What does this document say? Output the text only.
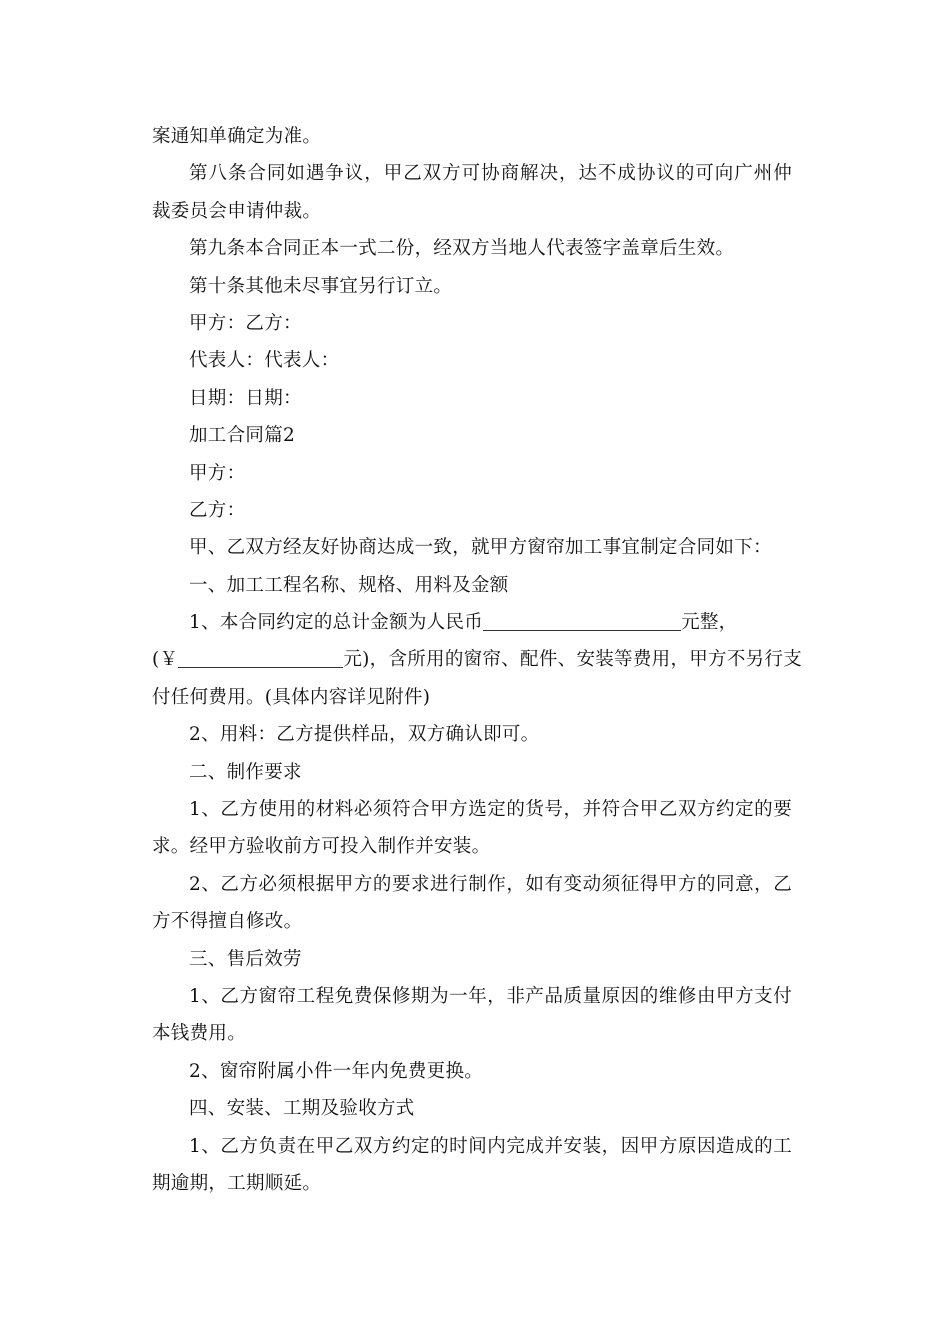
案通知单确定为准。
第八条合同如遇争议，甲乙双方可协商解决，达不成协议的可向广州仲
裁委员会申请仲裁。
第九条本合同正本一式二份，经双方当地人代表签字盖章后生效。
第十条其他未尽事宜另行订立。
甲方：乙方：
代表人：代表人：
日期：日期：
加工合同篇2
甲方：
乙方：
甲、乙双方经友好协商达成一致，就甲方窗帘加工事宜制定合同如下：
一、加工工程名称、规格、用料及金额
1、本合同约定的总计金额为人民币	元整，
(￥	元)，含所用的窗帘、配件、安装等费用，甲方不另行支
付任何费用。(具体内容详见附件)
2、用料：乙方提供样品，双方确认即可。
二、制作要求
1、乙方使用的材料必须符合甲方选定的货号，并符合甲乙双方约定的要
求。经甲方验收前方可投入制作并安装。
2、乙方必须根据甲方的要求进行制作，如有变动须征得甲方的同意，乙
方不得擅自修改。
三、售后效劳
1、乙方窗帘工程免费保修期为一年，非产品质量原因的维修由甲方支付
本钱费用。
2、窗帘附属小件一年内免费更换。
四、安装、工期及验收方式
1、乙方负责在甲乙双方约定的时间内完成并安装，因甲方原因造成的工
期逾期，工期顺延。
